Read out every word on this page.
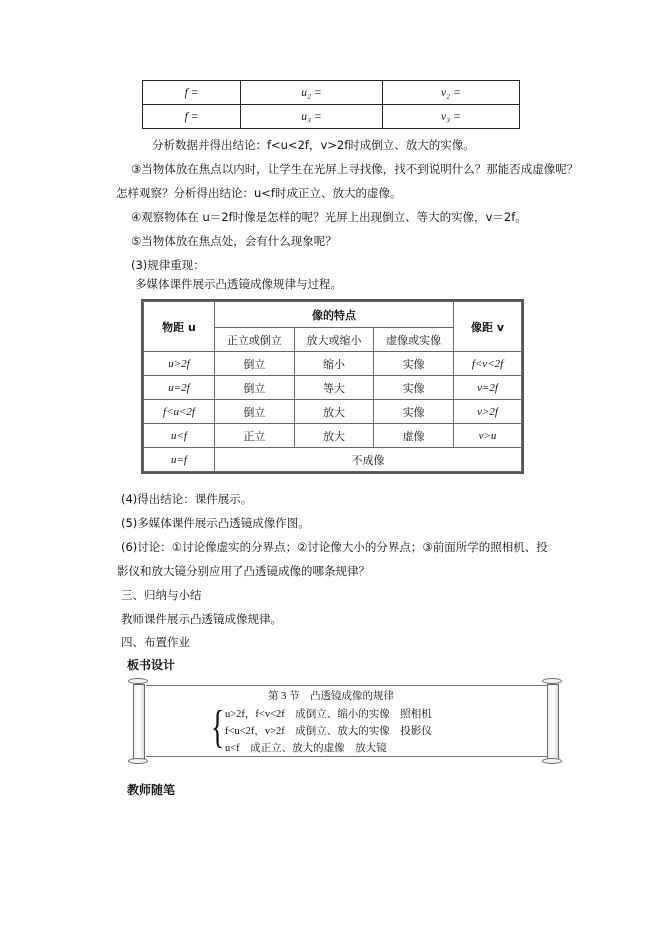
f =	u₂ =	v₂ =
f =	u₃ =	v₃ =
分析数据并得出结论：f<u<2f，v>2f时成倒立、放大的实像。
③当物体放在焦点以内时，让学生在光屏上寻找像，找不到说明什么？那能否成虚像呢？
怎样观察？分析得出结论：u<f时成正立、放大的虚像。
④观察物体在 u＝2f时像是怎样的呢？光屏上出现倒立、等大的实像，v＝2f。
⑤当物体放在焦点处，会有什么现象呢？
(3)规律重现：
多媒体课件展示凸透镜成像规律与过程。
物距 u	像的特点			像距 v
	正立或倒立	放大或缩小	虚像或实像	
u>2f	倒立	缩小	实像	f<v<2f
u=2f	倒立	等大	实像	v=2f
f<u<2f	倒立	放大	实像	v>2f
u<f	正立	放大	虚像	v>u
u=f	不成像			
(4)得出结论：课件展示。
(5)多媒体课件展示凸透镜成像作图。
(6)讨论：①讨论像虚实的分界点；②讨论像大小的分界点；③前面所学的照相机、投
影仪和放大镜分别应用了凸透镜成像的哪条规律？
三、归纳与小结
教师课件展示凸透镜成像规律。
四、布置作业
板书设计
第 3 节　凸透镜成像的规律
{ u>2f，f<v<2f　成倒立、缩小的实像　照相机
f<u<2f，v>2f　成倒立、放大的实像　投影仪
u<f　成正立、放大的虚像　放大镜
教师随笔
